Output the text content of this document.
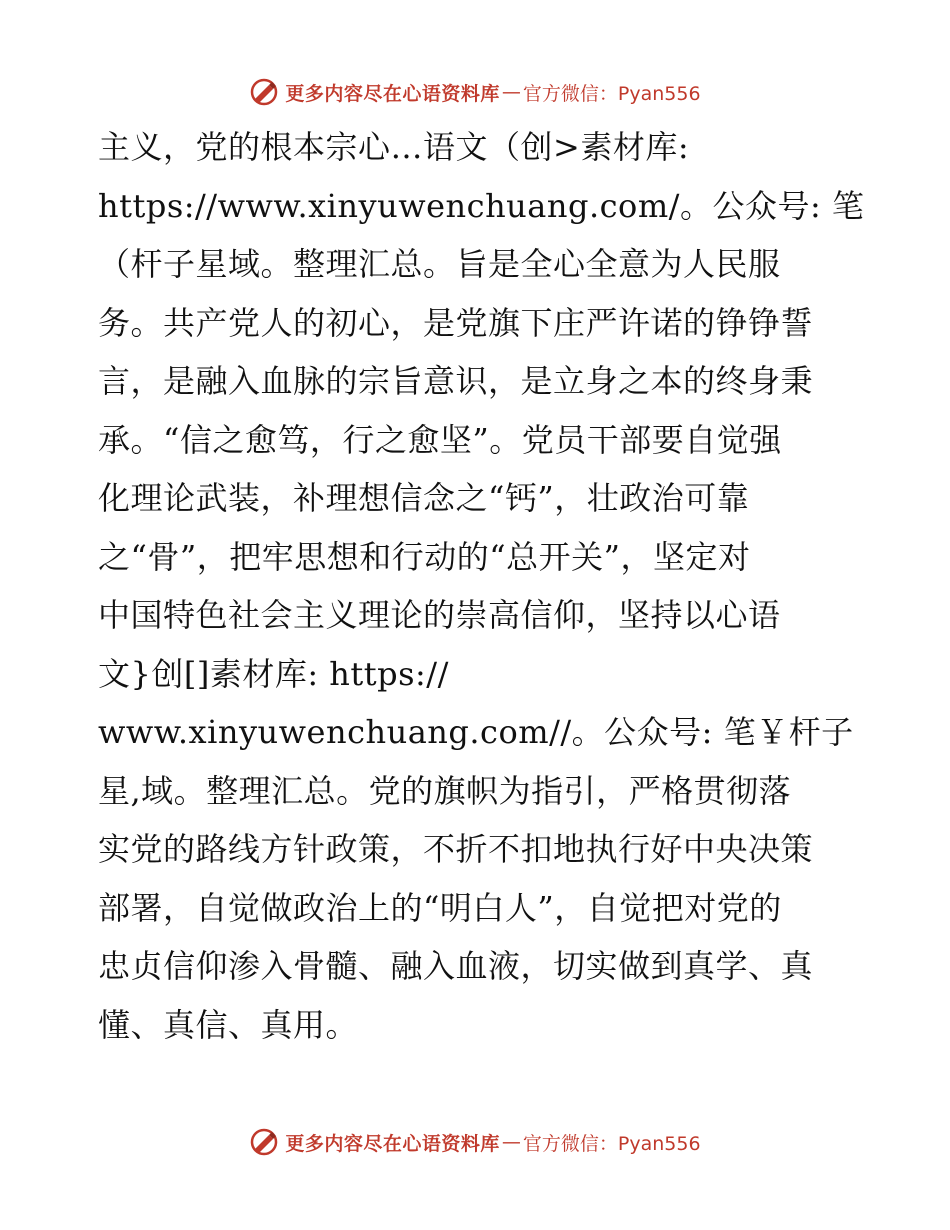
更多内容尽在心语资料库 — 官方微信：Pyan556
主义，党的根本宗心…语文（创>素材库:
https://www.xinyuwenchuang.com/。公众号: 笔
（杆子星域。整理汇总。旨是全心全意为人民服
务。共产党人的初心，是党旗下庄严许诺的铮铮誓
言，是融入血脉的宗旨意识，是立身之本的终身秉
承。“信之愈笃，行之愈坚”。党员干部要自觉强
化理论武装，补理想信念之“钙”，壮政治可靠
之“骨”，把牢思想和行动的“总开关”，坚定对
中国特色社会主义理论的崇高信仰，坚持以心语
文}创[]素材库: https://
www.xinyuwenchuang.com//。公众号: 笔￥杆子
星,域。整理汇总。党的旗帜为指引，严格贯彻落
实党的路线方针政策，不折不扣地执行好中央决策
部署，自觉做政治上的“明白人”，自觉把对党的
忠贞信仰渗入骨髓、融入血液，切实做到真学、真
懂、真信、真用。
更多内容尽在心语资料库 — 官方微信：Pyan556
